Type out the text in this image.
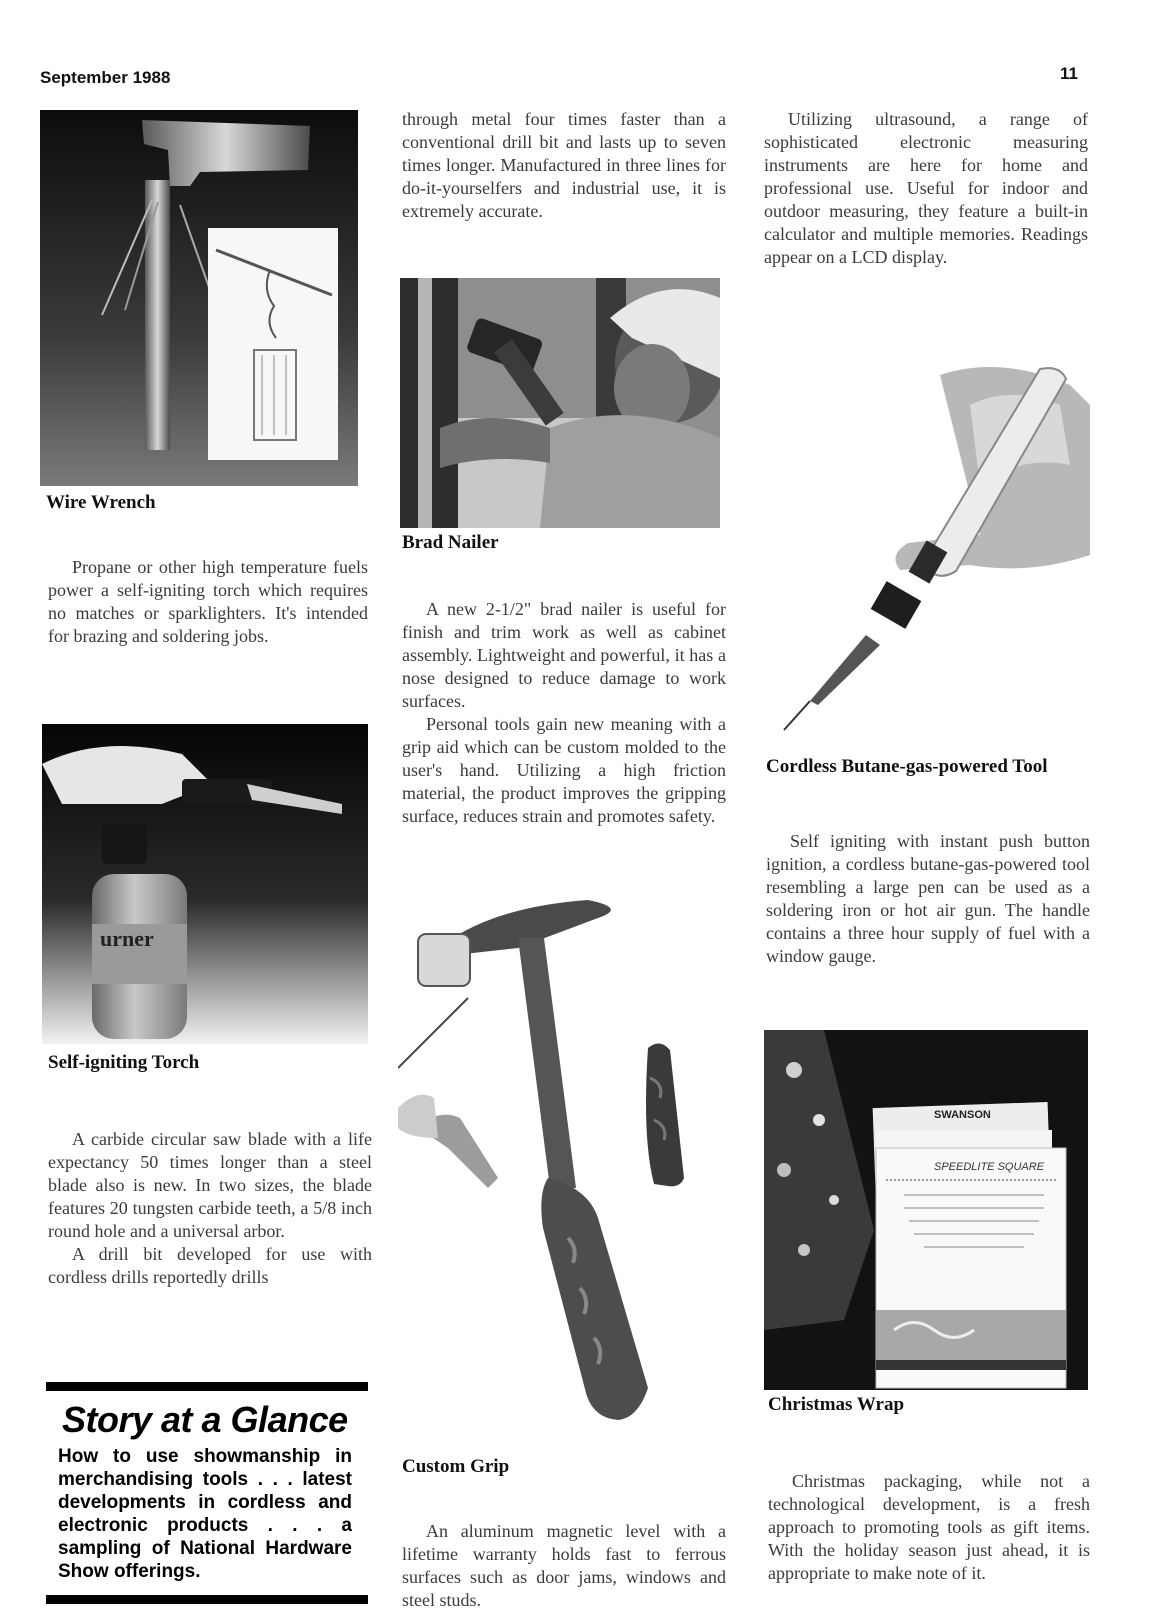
September 1988	11
Wire Wrench

Propane or other high temperature fuels power a self-igniting torch which requires no matches or sparklighters. It's intended for brazing and soldering jobs.

urner
Self-igniting Torch

A carbide circular saw blade with a life expectancy 50 times longer than a steel blade also is new. In two sizes, the blade features 20 tungsten carbide teeth, a 5/8 inch round hole and a universal arbor.

A drill bit developed for use with cordless drills reportedly drills

Story at a Glance
How to use showmanship in merchandising tools . . . latest developments in cordless and electronic products . . . a sampling of National Hardware Show offerings.

through metal four times faster than a conventional drill bit and lasts up to seven times longer. Manufactured in three lines for do-it-yourselfers and industrial use, it is extremely accurate.

Brad Nailer

A new 2-1/2" brad nailer is useful for finish and trim work as well as cabinet assembly. Lightweight and powerful, it has a nose designed to reduce damage to work surfaces.

Personal tools gain new meaning with a grip aid which can be custom molded to the user's hand. Utilizing a high friction material, the product improves the gripping surface, reduces strain and promotes safety.

Custom Grip

An aluminum magnetic level with a lifetime warranty holds fast to ferrous surfaces such as door jams, windows and steel studs.

Utilizing ultrasound, a range of sophisticated electronic measuring instruments are here for home and professional use. Useful for indoor and outdoor measuring, they feature a built-in calculator and multiple memories. Readings appear on a LCD display.

Cordless Butane-gas-powered Tool

Self igniting with instant push button ignition, a cordless butane-gas-powered tool resembling a large pen can be used as a soldering iron or hot air gun. The handle contains a three hour supply of fuel with a window gauge.

SWANSON
SPEEDLITE SQUARE
Christmas Wrap

Christmas packaging, while not a technological development, is a fresh approach to promoting tools as gift items. With the holiday season just ahead, it is appropriate to make note of it.
